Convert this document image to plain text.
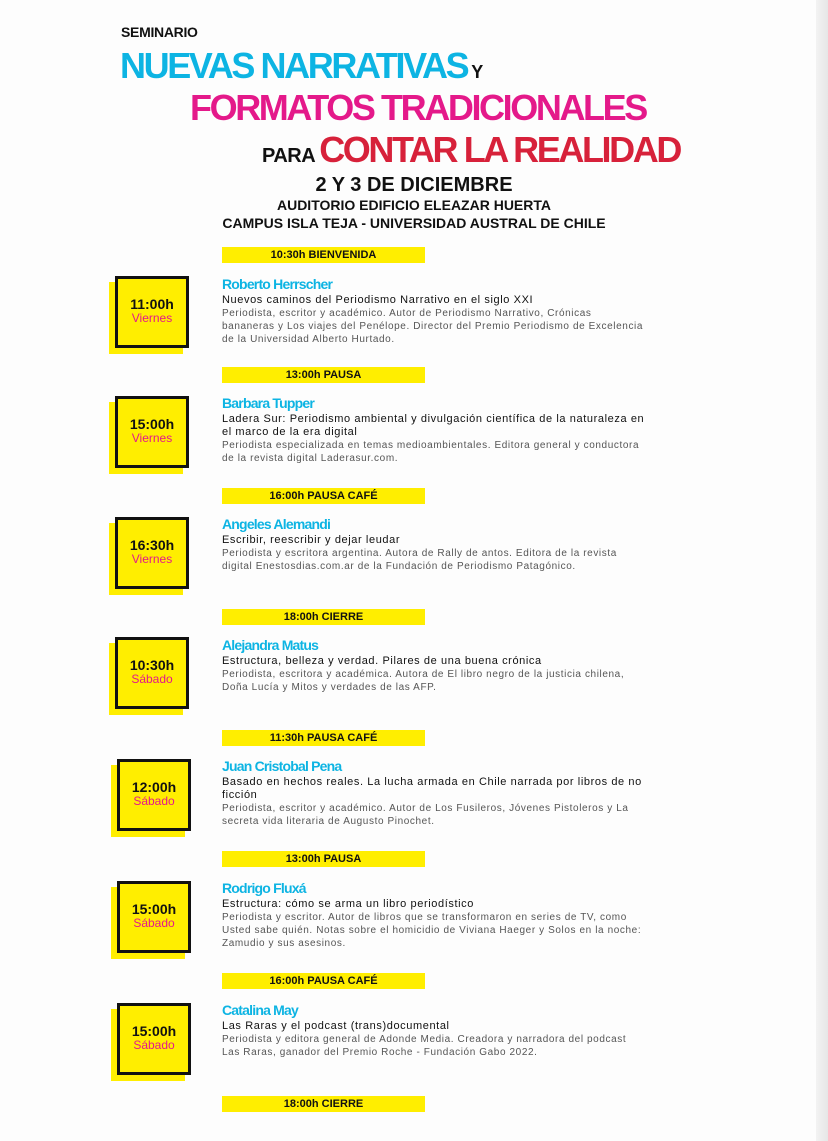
SEMINARIO
NUEVAS NARRATIVAS Y
FORMATOS TRADICIONALES
PARA CONTAR LA REALIDAD
2 Y 3 DE DICIEMBRE
AUDITORIO EDIFICIO ELEAZAR HUERTA
CAMPUS ISLA TEJA - UNIVERSIDAD AUSTRAL DE CHILE
10:30h BIENVENIDA
13:00h PAUSA
16:00h PAUSA CAFÉ
18:00h CIERRE
11:30h PAUSA CAFÉ
13:00h PAUSA
16:00h PAUSA CAFÉ
18:00h CIERRE
11:00h
Viernes
Roberto Herrscher
Nuevos caminos del Periodismo Narrativo en el siglo XXI
Periodista, escritor y académico. Autor de Periodismo Narrativo, Crónicas bananeras y Los viajes del Penélope. Director del Premio Periodismo de Excelencia de la Universidad Alberto Hurtado.
15:00h
Viernes
Barbara Tupper
Ladera Sur: Periodismo ambiental y divulgación científica de la naturaleza en el marco de la era digital
Periodista especializada en temas medioambientales. Editora general y conductora de la revista digital Laderasur.com.
16:30h
Viernes
Angeles Alemandi
Escribir, reescribir y dejar leudar
Periodista y escritora argentina. Autora de Rally de antos. Editora de la revista digital Enestosdias.com.ar de la Fundación de Periodismo Patagónico.
10:30h
Sábado
Alejandra Matus
Estructura, belleza y verdad. Pilares de una buena crónica
Periodista, escritora y académica. Autora de El libro negro de la justicia chilena, Doña Lucía y Mitos y verdades de las AFP.
12:00h
Sábado
Juan Cristobal Pena
Basado en hechos reales. La lucha armada en Chile narrada por libros de no ficción
Periodista, escritor y académico. Autor de Los Fusileros, Jóvenes Pistoleros y La secreta vida literaria de Augusto Pinochet.
15:00h
Sábado
Rodrigo Fluxá
Estructura: cómo se arma un libro periodístico
Periodista y escritor. Autor de libros que se transformaron en series de TV, como Usted sabe quién. Notas sobre el homicidio de Viviana Haeger y Solos en la noche: Zamudio y sus asesinos.
15:00h
Sábado
Catalina May
Las Raras y el podcast (trans)documental
Periodista y editora general de Adonde Media. Creadora y narradora del podcast Las Raras, ganador del Premio Roche - Fundación Gabo 2022.
